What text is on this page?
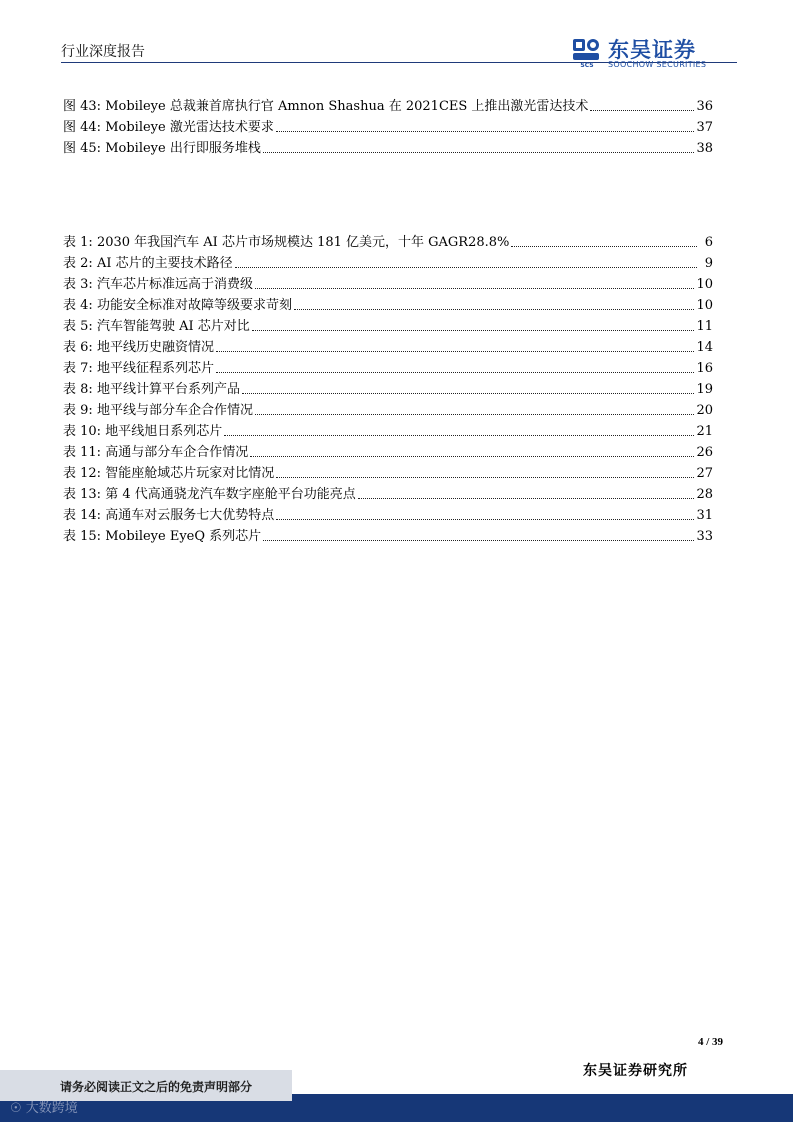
行业深度报告
SCS
东吴证券
SOOCHOW SECURITIES
图 43: Mobileye 总裁兼首席执行官 Amnon Shashua 在 2021CES 上推出激光雷达技术	36
图 44: Mobileye 激光雷达技术要求	37
图 45: Mobileye 出行即服务堆栈	38
表 1: 2030 年我国汽车 AI 芯片市场规模达 181 亿美元，十年 GAGR28.8%	6
表 2: AI 芯片的主要技术路径	9
表 3: 汽车芯片标准远高于消费级	10
表 4: 功能安全标准对故障等级要求苛刻	10
表 5: 汽车智能驾驶 AI 芯片对比	11
表 6: 地平线历史融资情况	14
表 7: 地平线征程系列芯片	16
表 8: 地平线计算平台系列产品	19
表 9: 地平线与部分车企合作情况	20
表 10: 地平线旭日系列芯片	21
表 11: 高通与部分车企合作情况	26
表 12: 智能座舱域芯片玩家对比情况	27
表 13: 第 4 代高通骁龙汽车数字座舱平台功能亮点	28
表 14: 高通车对云服务七大优势特点	31
表 15: Mobileye EyeQ 系列芯片	33
4 / 39
东吴证券研究所
请务必阅读正文之后的免责声明部分
☉ 大数跨境
